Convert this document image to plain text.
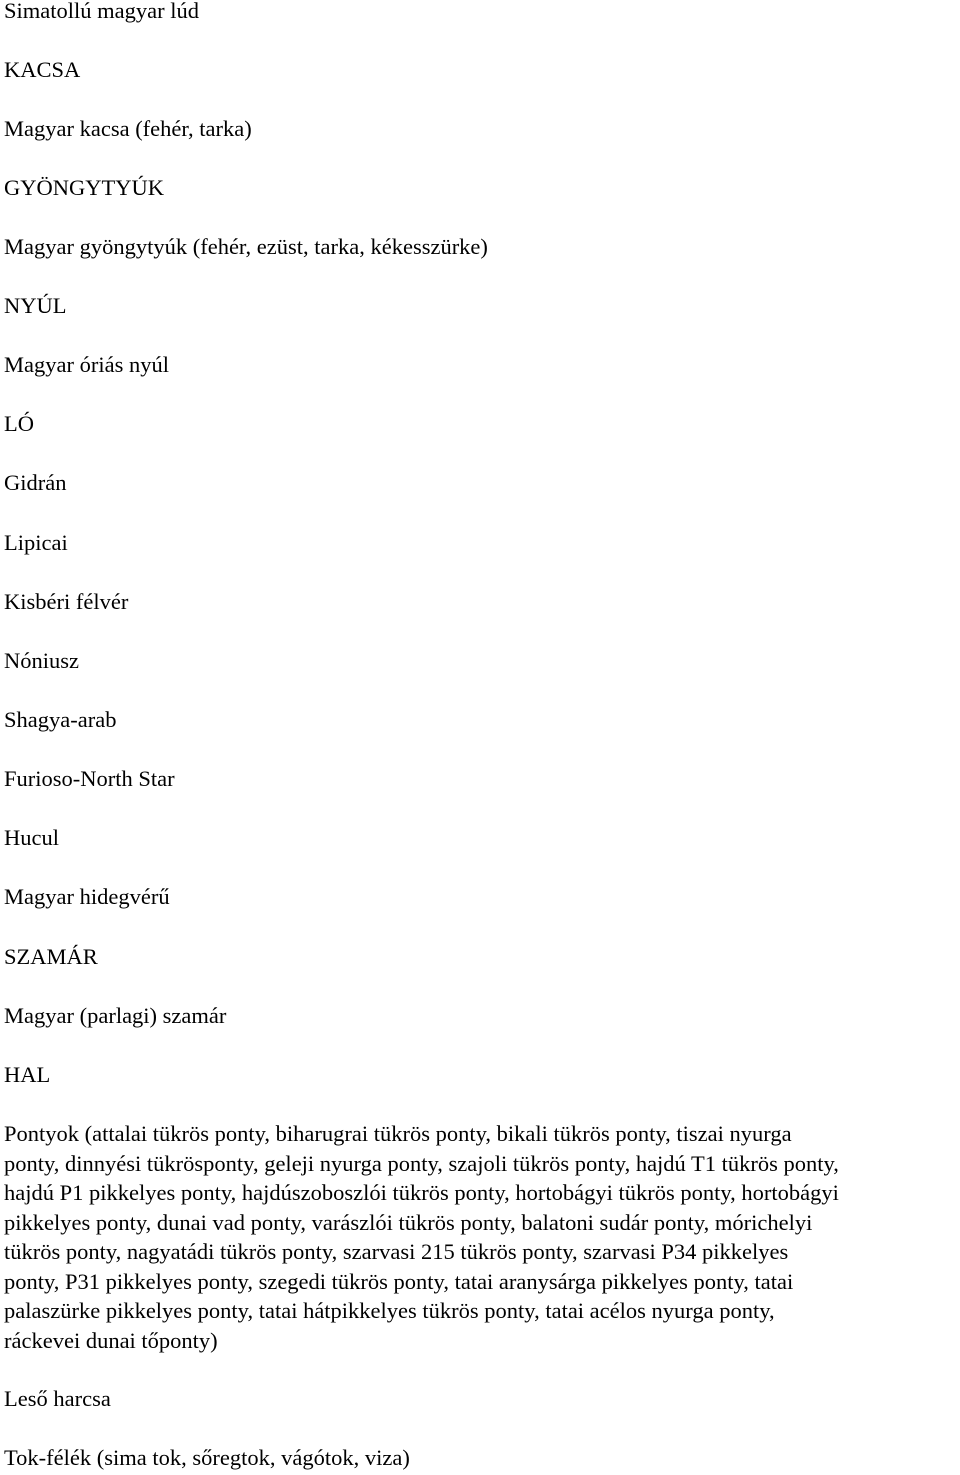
Simatollú magyar lúd

KACSA

Magyar kacsa (fehér, tarka)

GYÖNGYTYÚK

Magyar gyöngytyúk (fehér, ezüst, tarka, kékesszürke)

NYÚL

Magyar óriás nyúl

LÓ

Gidrán

Lipicai

Kisbéri félvér

Nóniusz

Shagya-arab

Furioso-North Star

Hucul

Magyar hidegvérű

SZAMÁR

Magyar (parlagi) szamár

HAL

Pontyok (attalai tükrös ponty, biharugrai tükrös ponty, bikali tükrös ponty, tiszai nyurga
ponty, dinnyési tükrösponty, geleji nyurga ponty, szajoli tükrös ponty, hajdú T1 tükrös ponty,
hajdú P1 pikkelyes ponty, hajdúszoboszlói tükrös ponty, hortobágyi tükrös ponty, hortobágyi
pikkelyes ponty, dunai vad ponty, varászlói tükrös ponty, balatoni sudár ponty, mórichelyi
tükrös ponty, nagyatádi tükrös ponty, szarvasi 215 tükrös ponty, szarvasi P34 pikkelyes
ponty, P31 pikkelyes ponty, szegedi tükrös ponty, tatai aranysárga pikkelyes ponty, tatai
palaszürke pikkelyes ponty, tatai hátpikkelyes tükrös ponty, tatai acélos nyurga ponty,
ráckevei dunai tőponty)

Leső harcsa

Tok-félék (sima tok, sőregtok, vágótok, viza)
